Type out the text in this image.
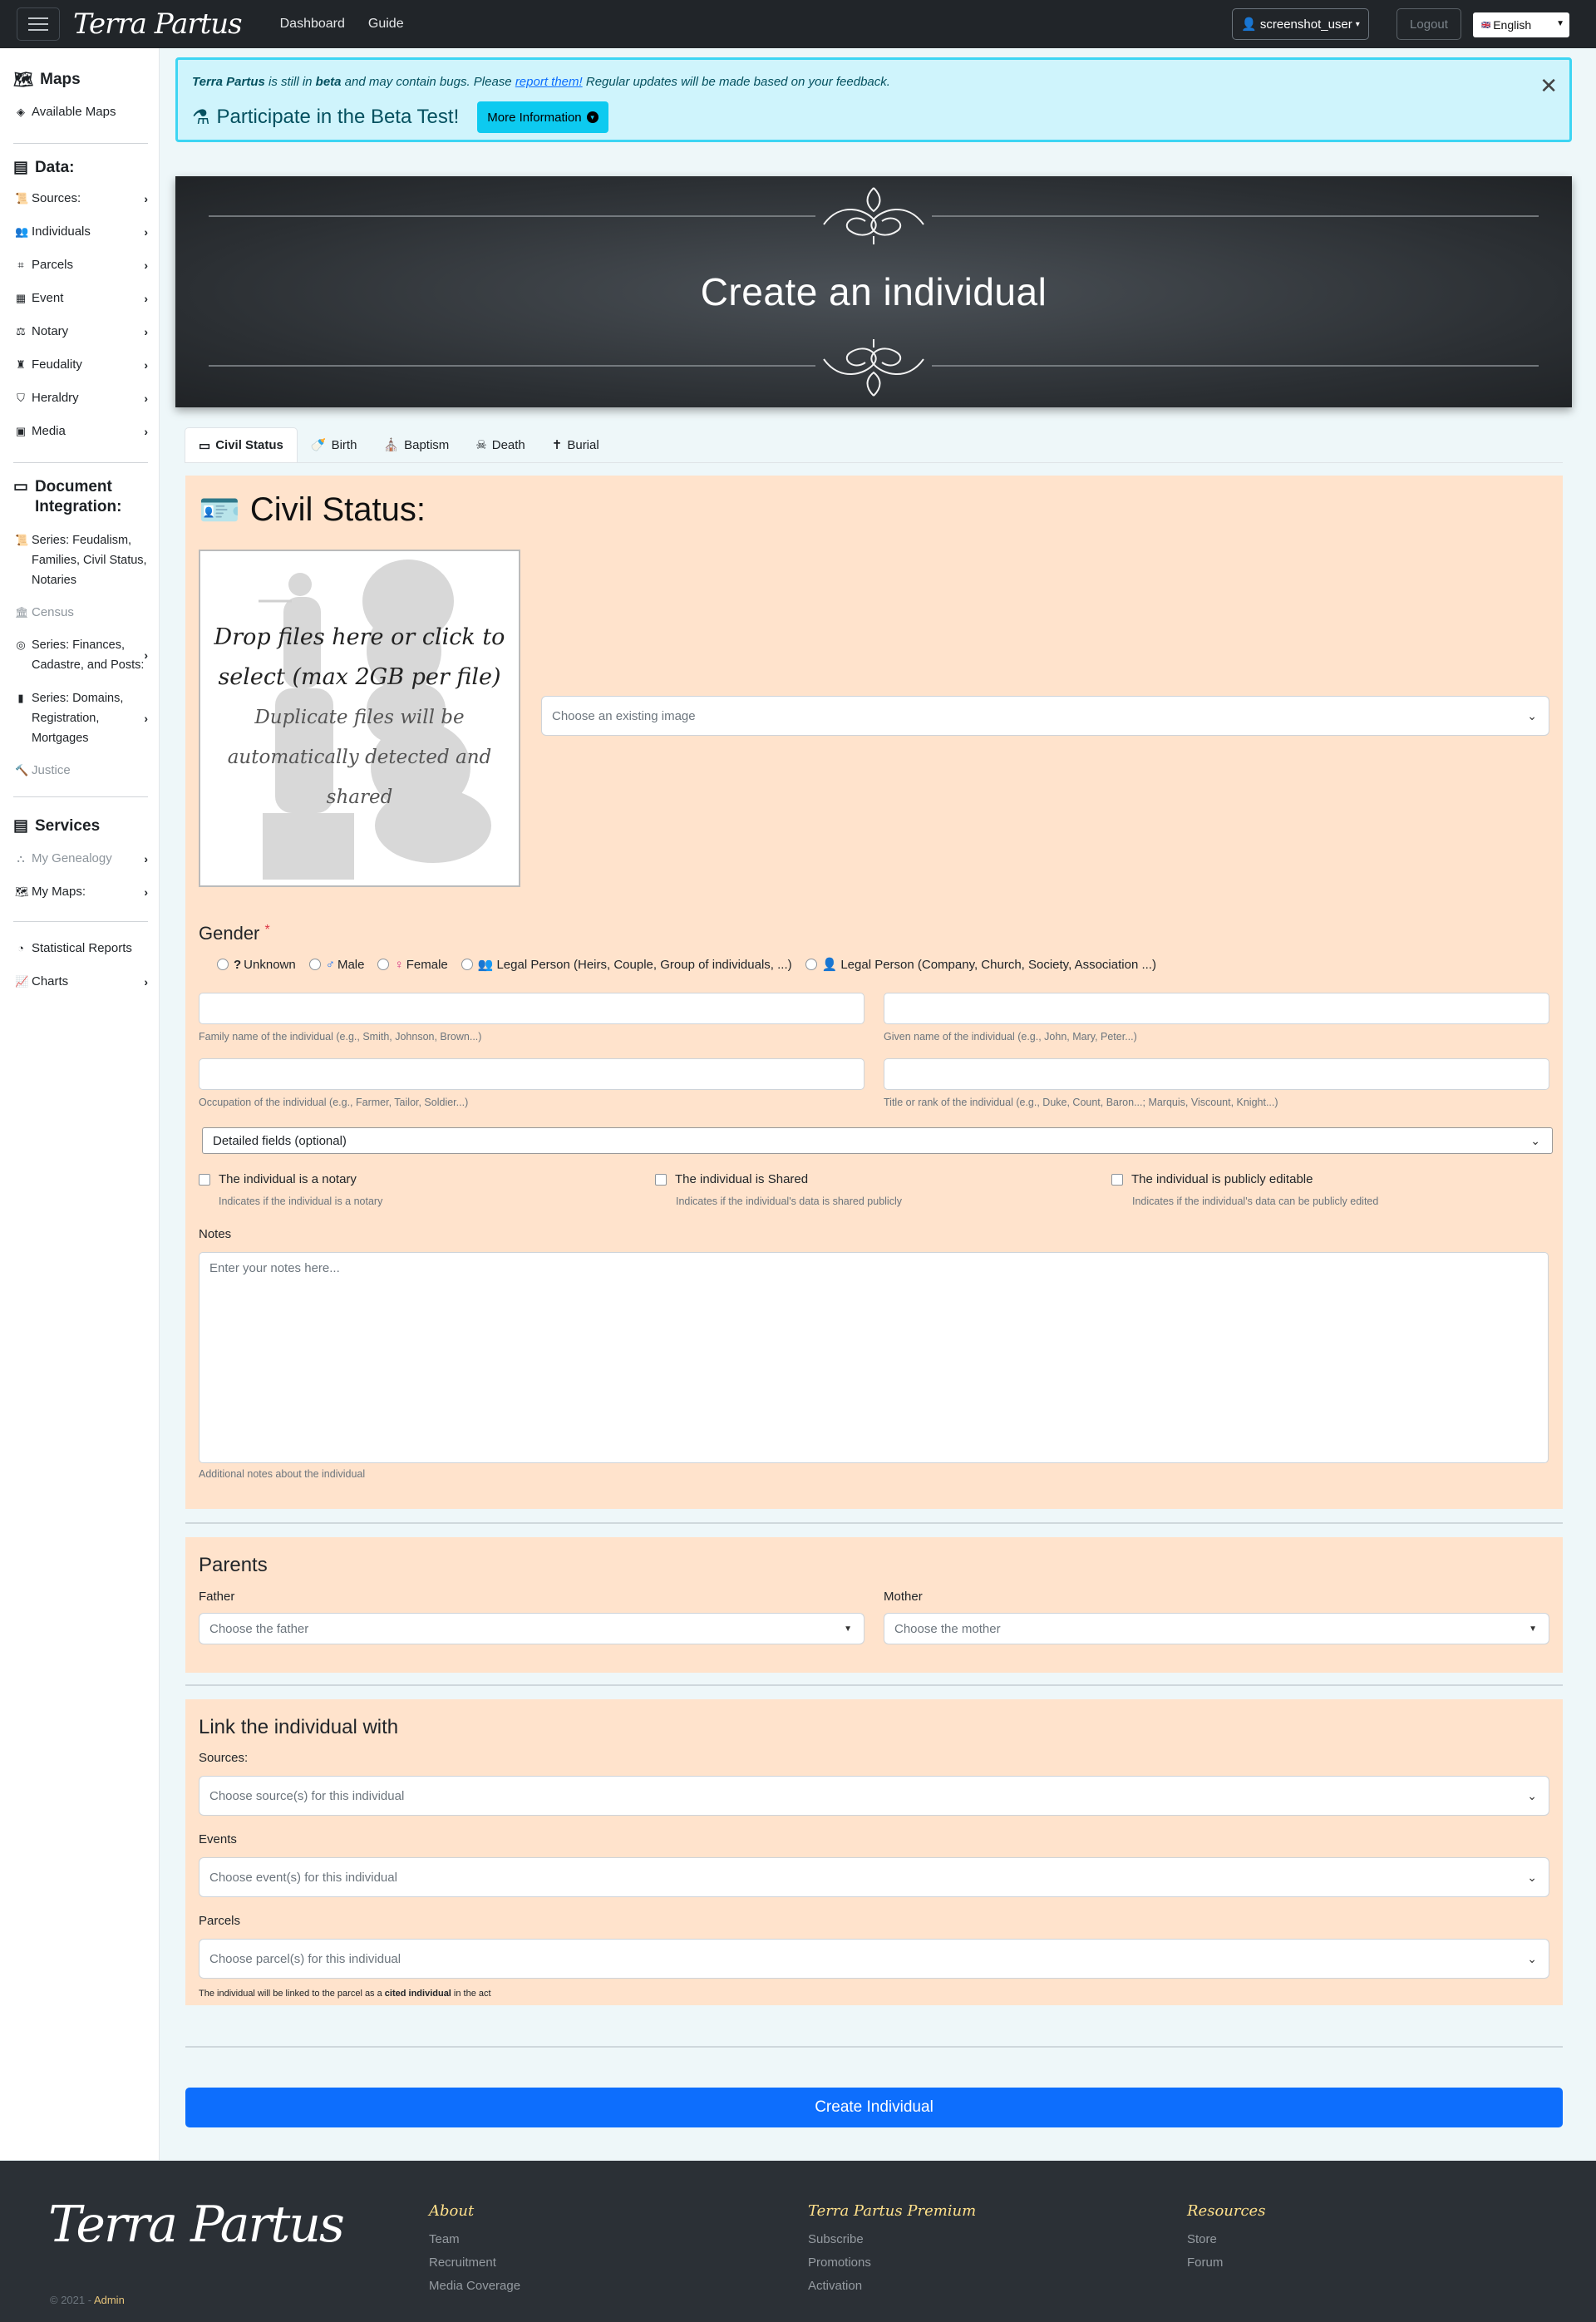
Terra Partus	Dashboard Guide	👤 screenshot_user ▾	Logout	🇬🇧 English	▼
🗺 Maps
◈ Available Maps
▤ Data:
📜 Sources:	›
👥 Individuals	›
⌗ Parcels	›
▦ Event	›
⚖ Notary	›
♜ Feudality	›
⛉ Heraldry	›
▣ Media	›
▭ Document Integration:
📜 Series: Feudalism, Families, Civil Status, Notaries
🏛 Census
◎ Series: Finances, Cadastre, and Posts:
›
▮ Series: Domains, Registration, Mortgages
›
🔨 Justice
▤ Services
⛬ My Genealogy	›
🗺 My Maps:	›
◔ Statistical Reports
📈 Charts	›
Terra Partus is still in beta and may contain bugs. Please report them! Regular updates will be made based on your feedback.
⚗ Participate in the Beta Test! More Information	▾
✕
Create an individual
▭ Civil Status 🍼 Birth ⛪ Baptism ☠ Death ✝ Burial
🪪 Civil Status:
Drop files here or click to select (max 2GB per file)
Duplicate files will be automatically detected and shared
Choose an existing image	⌄
Gender *
? Unknown ♂ Male ♀ Female 👥 Legal Person (Heirs, Couple, Group of individuals, ...) 👤 Legal Person (Company, Church, Society, Association ...)
Family name of the individual (e.g., Smith, Johnson, Brown...)	Given name of the individual (e.g., John, Mary, Peter...)
Occupation of the individual (e.g., Farmer, Tailor, Soldier...)	Title or rank of the individual (e.g., Duke, Count, Baron...; Marquis, Viscount, Knight...)
Detailed fields (optional)	⌄
The individual is a notary
Indicates if the individual is a notary
The individual is Shared
Indicates if the individual's data is shared publicly
The individual is publicly editable
Indicates if the individual's data can be publicly edited
Notes
Enter your notes here...
Additional notes about the individual
Parents
Father
Choose the father	▼
Mother
Choose the mother	▼
Link the individual with
Sources:
Choose source(s) for this individual	⌄
Events
Choose event(s) for this individual	⌄
Parcels
Choose parcel(s) for this individual	⌄
The individual will be linked to the parcel as a cited individual in the act
Create Individual
Terra Partus
© 2021 - Admin
About
Team
Recruitment
Media Coverage
Terra Partus Premium
Subscribe
Promotions
Activation
Resources
Store
Forum
